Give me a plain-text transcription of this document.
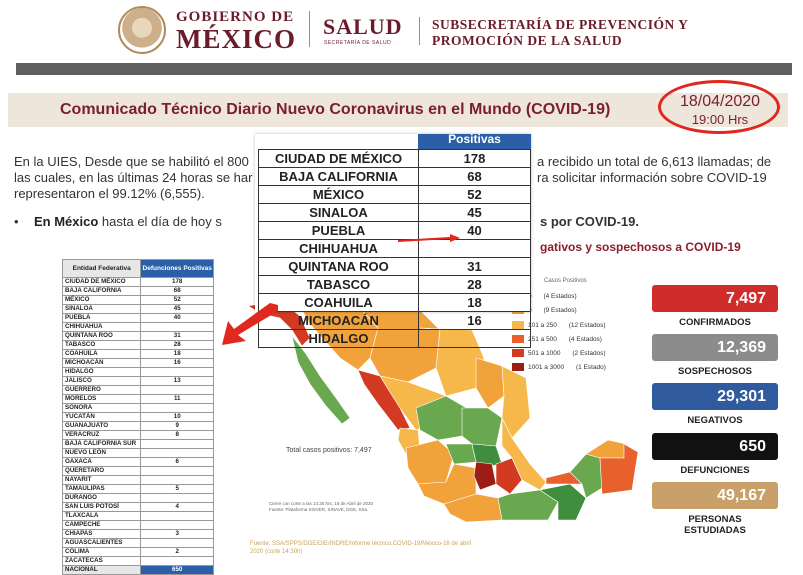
GOBIERNO DE
MÉXICO SALUD
SECRETARÍA DE SALUD
SUBSECRETARÍA DE PREVENCIÓN Y
PROMOCIÓN DE LA SALUD
Comunicado Técnico Diario Nuevo Coronavirus en el Mundo (COVID-19)	18/04/2020
19:00 Hrs
En la UIES, Desde que se habilitó el 800
las cuales, en las últimas 24 horas se har
representaron el 99.12% (6,555).
a recibido un total de 6,613 llamadas; de
ra solicitar información sobre COVID-19
• En México hasta el día de hoy s	s por COVID-19.
gativos y sospechosos a COVID-19
Entidad Federativa	Defunciones Positivas
CIUDAD DE MÉXICO	178
BAJA CALIFORNIA	68
MÉXICO	52
SINALOA	45
PUEBLA	40
CHIHUAHUA	
QUINTANA ROO	31
TABASCO	28
COAHUILA	18
MICHOACÁN	16
HIDALGO	
JALISCO	13
GUERRERO	
MORELOS	11
SONORA	
YUCATÁN	10
GUANAJUATO	9
VERACRUZ	8
BAJA CALIFORNIA SUR	
NUEVO LEÓN	
OAXACA	6
QUERETARO	
NAYARIT	
TAMAULIPAS	5
DURANGO	
SAN LUIS POTOSÍ	4
TLAXCALA	
CAMPECHE	
CHIAPAS	3
AGUASCALIENTES	
COLIMA	2
ZACATECAS	
NACIONAL	650
Casos Positivos
(4 Estados)
(9 Estados)
101 a 250 (12 Estados)
251 a 500 (4 Estados)
501 a 1000 (2 Estados)
1001 a 3000 (1 Estado)
Total casos positivos: 7,497
Cierre con corte a las 14:30 hrs, 18 de Abril de 2020
Fuente: Plataforma SISVER, SINAVE, DGE, SSa.
Fuente: SSA/SPPS/DGE/DIE/INDRE/Informe técnico.COVID-19/México-18 de abril
2020 (corte 14:30h)
Positivas
CIUDAD DE MÉXICO	178
BAJA CALIFORNIA	68
MÉXICO	52
SINALOA	45
PUEBLA	40
CHIHUAHUA	
QUINTANA ROO	31
TABASCO	28
COAHUILA	18
MICHOACÁN	16
HIDALGO	
7,497
CONFIRMADOS
12,369
SOSPECHOSOS
29,301
NEGATIVOS
650
DEFUNCIONES
49,167
PERSONAS
ESTUDIADAS
